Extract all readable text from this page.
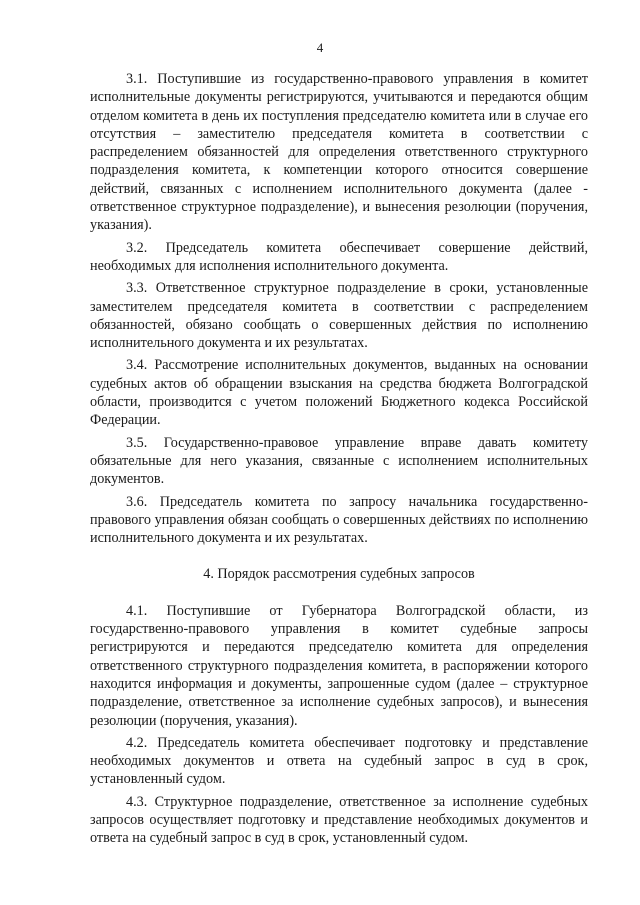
4

3.1. Поступившие из государственно-правового управления в комитет исполнительные документы регистрируются, учитываются и передаются общим отделом комитета в день их поступления председателю комитета или в случае его отсутствия – заместителю председателя комитета в соответствии с распределением обязанностей для определения ответственного структурного подразделения комитета, к компетенции которого относится совершение действий, связанных с исполнением исполнительного документа (далее - ответственное структурное подразделение), и вынесения резолюции (поручения, указания).

3.2. Председатель комитета обеспечивает совершение действий, необходимых для исполнения исполнительного документа.

3.3. Ответственное структурное подразделение в сроки, установленные заместителем председателя комитета в соответствии с распределением обязанностей, обязано сообщать о совершенных действия по исполнению исполнительного документа и их результатах.

3.4. Рассмотрение исполнительных документов, выданных на основании судебных актов об обращении взыскания на средства бюджета Волгоградской области, производится с учетом положений Бюджетного кодекса Российской Федерации.

3.5. Государственно-правовое управление вправе давать комитету обязательные для него указания, связанные с исполнением исполнительных документов.

3.6. Председатель комитета по запросу начальника государственно-правового управления обязан сообщать о совершенных действиях по исполнению исполнительного документа и их результатах.

4. Порядок рассмотрения судебных запросов

4.1. Поступившие от Губернатора Волгоградской области, из государственно-правового управления в комитет судебные запросы регистрируются и передаются председателю комитета для определения ответственного структурного подразделения комитета, в распоряжении которого находится информация и документы, запрошенные судом (далее – структурное подразделение, ответственное за исполнение судебных запросов), и вынесения резолюции (поручения, указания).

4.2. Председатель комитета обеспечивает подготовку и представление необходимых документов и ответа на судебный запрос в суд в срок, установленный судом.

4.3. Структурное подразделение, ответственное за исполнение судебных запросов осуществляет подготовку и представление необходимых документов и ответа на судебный запрос в суд в срок, установленный судом.
